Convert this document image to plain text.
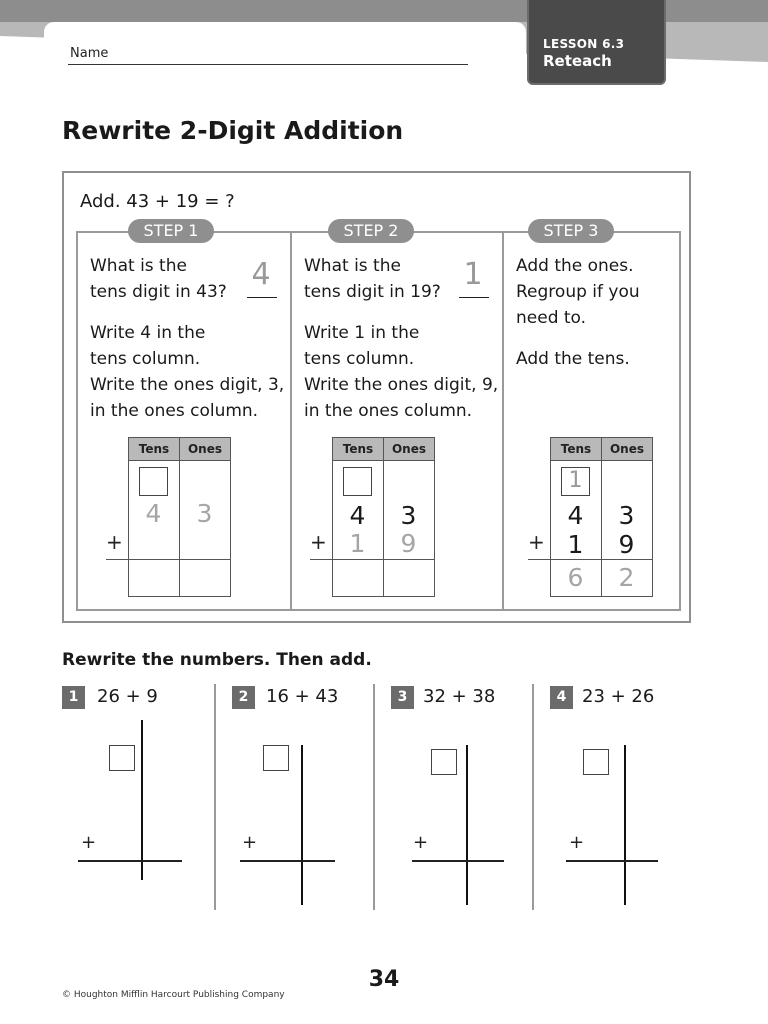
Name
LESSON 6.3
Reteach
Rewrite 2-Digit Addition
Add. 43 + 19 = ?
STEP 1
What is the
tens digit in 43? 4
Write 4 in the
tens column.
Write the ones digit, 3,
in the ones column.
Tens	Ones
4	3
+
STEP 2
What is the
tens digit in 19? 1
Write 1 in the
tens column.
Write the ones digit, 9,
in the ones column.
Tens	Ones
4	3
1	9
+
STEP 3
Add the ones.
Regroup if you
need to.
Add the tens.
Tens	Ones
1
4	3
1	9
6	2
+
Rewrite the numbers. Then add.
1	26 + 9
+
2 16 + 43
+
3 32 + 38
+
4 23 + 26
+
34
© Houghton Mifflin Harcourt Publishing Company
